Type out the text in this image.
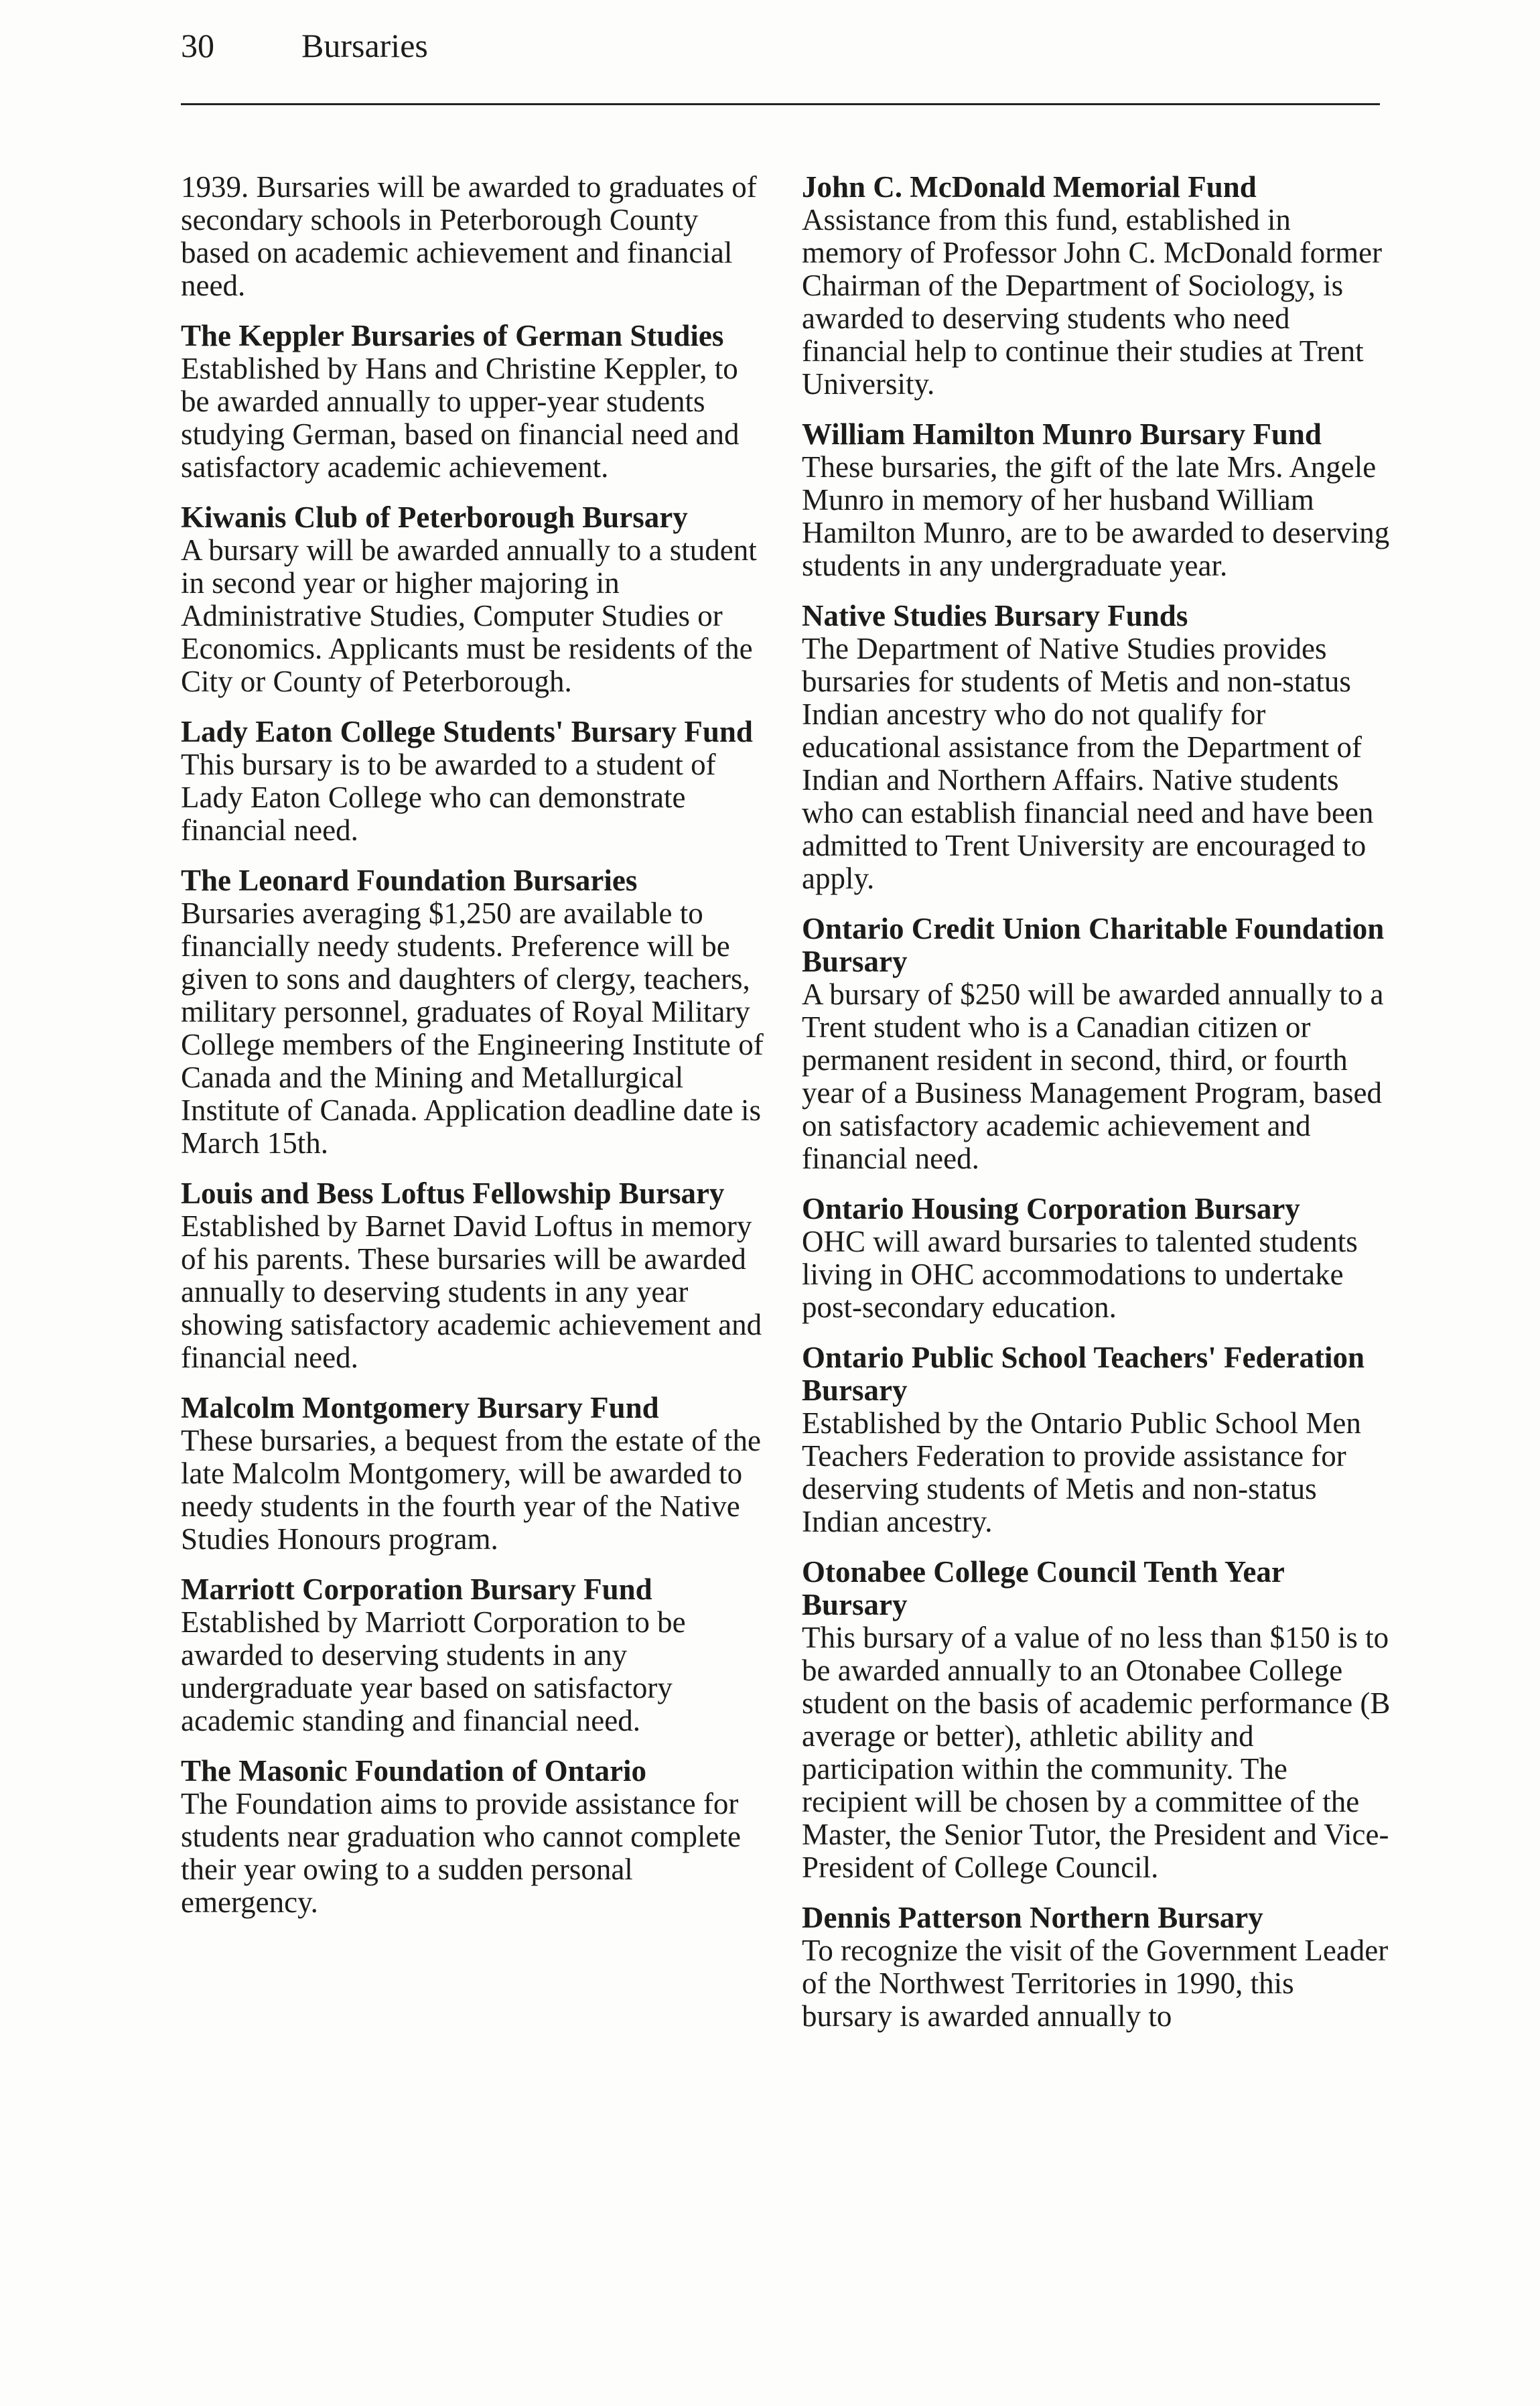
30	Bursaries

1939. Bursaries will be awarded to graduates of secondary schools in Peterborough County based on academic achievement and financial need.

The Keppler Bursaries of German Studies

Established by Hans and Christine Keppler, to be awarded annually to upper-year students studying German, based on financial need and satisfactory academic achievement.

Kiwanis Club of Peterborough Bursary

A bursary will be awarded annually to a student in second year or higher majoring in Administrative Studies, Computer Studies or Economics. Applicants must be residents of the City or County of Peterborough.

Lady Eaton College Students' Bursary Fund

This bursary is to be awarded to a student of Lady Eaton College who can demonstrate financial need.

The Leonard Foundation Bursaries

Bursaries averaging $1,250 are available to financially needy students. Preference will be given to sons and daughters of clergy, teachers, military personnel, graduates of Royal Military College members of the Engineering Institute of Canada and the Mining and Metallurgical Institute of Canada. Application deadline date is March 15th.

Louis and Bess Loftus Fellowship Bursary

Established by Barnet David Loftus in memory of his parents. These bursaries will be awarded annually to deserving students in any year showing satisfactory academic achievement and financial need.

Malcolm Montgomery Bursary Fund

These bursaries, a bequest from the estate of the late Malcolm Montgomery, will be awarded to needy students in the fourth year of the Native Studies Honours program.

Marriott Corporation Bursary Fund

Established by Marriott Corporation to be awarded to deserving students in any undergraduate year based on satisfactory academic standing and financial need.

The Masonic Foundation of Ontario

The Foundation aims to provide assistance for students near graduation who cannot complete their year owing to a sudden personal emergency.

John C. McDonald Memorial Fund

Assistance from this fund, established in memory of Professor John C. McDonald former Chairman of the Department of Sociology, is awarded to deserving students who need financial help to continue their studies at Trent University.

William Hamilton Munro Bursary Fund

These bursaries, the gift of the late Mrs. Angele Munro in memory of her husband William Hamilton Munro, are to be awarded to deserving students in any undergraduate year.

Native Studies Bursary Funds

The Department of Native Studies provides bursaries for students of Metis and non-status Indian ancestry who do not qualify for educational assistance from the Department of Indian and Northern Affairs. Native students who can establish financial need and have been admitted to Trent University are encouraged to apply.

Ontario Credit Union Charitable Foundation Bursary

A bursary of $250 will be awarded annually to a Trent student who is a Canadian citizen or permanent resident in second, third, or fourth year of a Business Management Program, based on satisfactory academic achievement and financial need.

Ontario Housing Corporation Bursary

OHC will award bursaries to talented students living in OHC accommodations to undertake post-secondary education.

Ontario Public School Teachers' Federation Bursary

Established by the Ontario Public School Men Teachers Federation to provide assistance for deserving students of Metis and non-status Indian ancestry.

Otonabee College Council Tenth Year Bursary

This bursary of a value of no less than $150 is to be awarded annually to an Otonabee College student on the basis of academic performance (B average or better), athletic ability and participation within the community. The recipient will be chosen by a committee of the Master, the Senior Tutor, the President and Vice-President of College Council.

Dennis Patterson Northern Bursary

To recognize the visit of the Government Leader of the Northwest Territories in 1990, this bursary is awarded annually to
